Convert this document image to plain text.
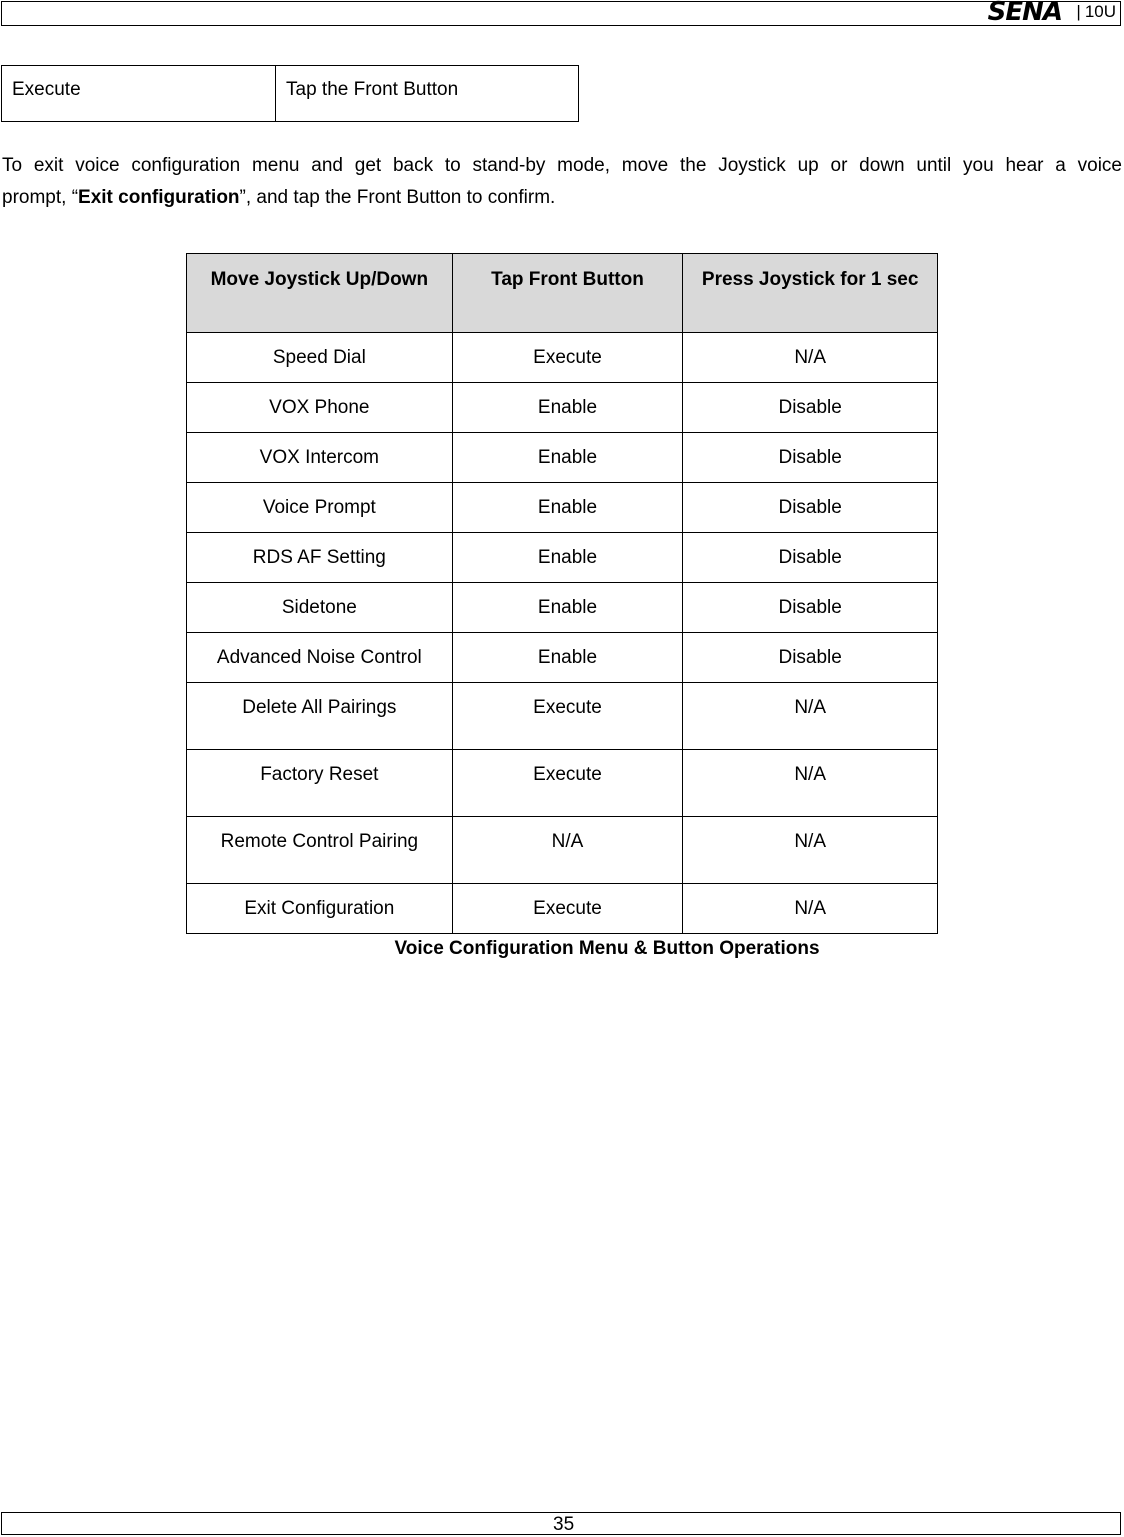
SENA | 10U
Execute	Tap the Front Button

To exit voice configuration menu and get back to stand-by mode, move the Joystick up or down until you hear a voice
prompt, “Exit configuration”, and tap the Front Button to confirm.

Move Joystick Up/Down	Tap Front Button	Press Joystick for 1 sec
Speed Dial	Execute	N/A
VOX Phone	Enable	Disable
VOX Intercom	Enable	Disable
Voice Prompt	Enable	Disable
RDS AF Setting	Enable	Disable
Sidetone	Enable	Disable
Advanced Noise Control	Enable	Disable
Delete All Pairings	Execute	N/A
Factory Reset	Execute	N/A
Remote Control Pairing	N/A	N/A
Exit Configuration	Execute	N/A
Voice Configuration Menu & Button Operations
35
